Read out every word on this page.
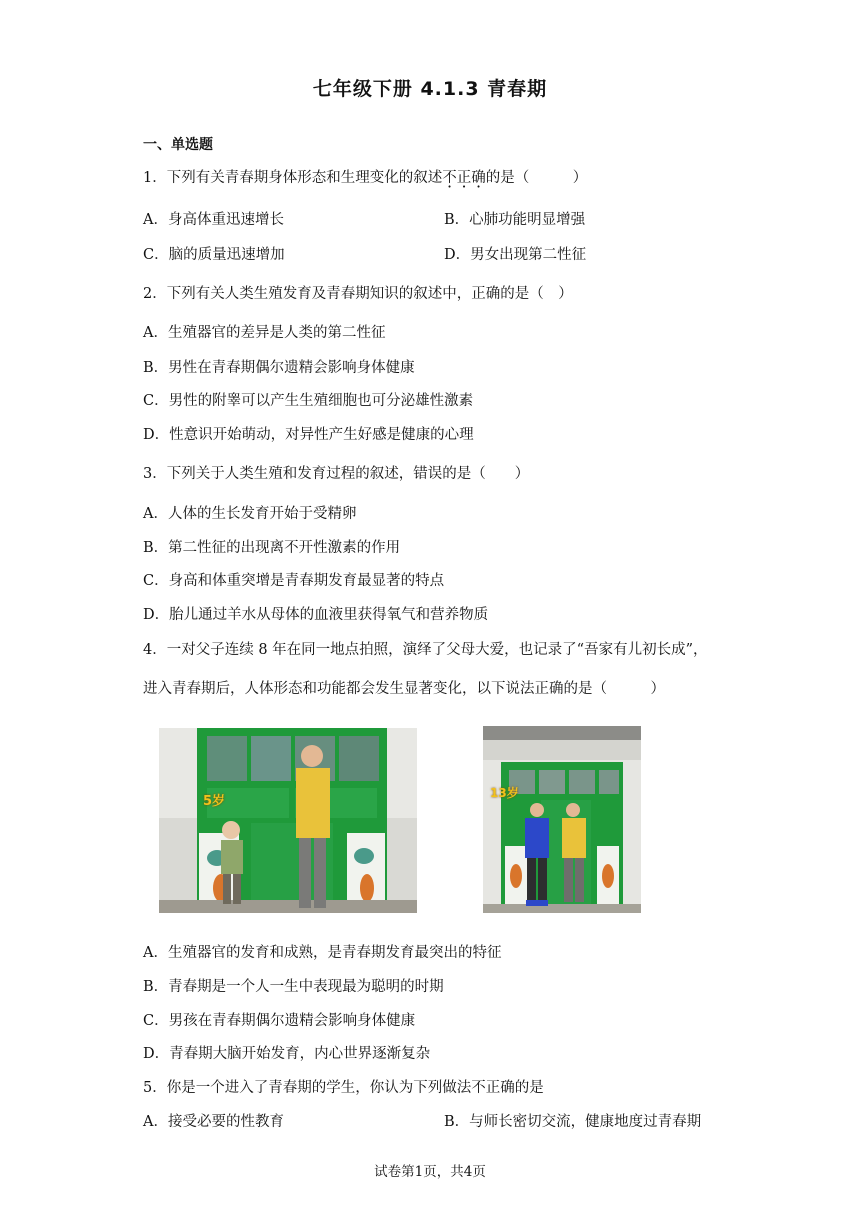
七年级下册 4.1.3 青春期
一、单选题
1．下列有关青春期身体形态和生理变化的叙述不正确的是（　　　）
A．身高体重迅速增长	B．心肺功能明显增强
C．脑的质量迅速增加	D．男女出现第二性征
2．下列有关人类生殖发育及青春期知识的叙述中，正确的是（　）
A．生殖器官的差异是人类的第二性征
B．男性在青春期偶尔遗精会影响身体健康
C．男性的附睾可以产生生殖细胞也可分泌雄性激素
D．性意识开始萌动，对异性产生好感是健康的心理
3．下列关于人类生殖和发育过程的叙述，错误的是（　　）
A．人体的生长发育开始于受精卵
B．第二性征的出现离不开性激素的作用
C．身高和体重突增是青春期发育最显著的特点
D．胎儿通过羊水从母体的血液里获得氧气和营养物质
4．一对父子连续 8 年在同一地点拍照，演绎了父母大爱，也记录了“吾家有儿初长成”，
进入青春期后，人体形态和功能都会发生显著变化，以下说法正确的是（　　　）
5岁
13岁
A．生殖器官的发育和成熟，是青春期发育最突出的特征
B．青春期是一个人一生中表现最为聪明的时期
C．男孩在青春期偶尔遗精会影响身体健康
D．青春期大脑开始发育，内心世界逐渐复杂
5．你是一个进入了青春期的学生，你认为下列做法不正确的是
A．接受必要的性教育	B．与师长密切交流，健康地度过青春期
试卷第1页，共4页
